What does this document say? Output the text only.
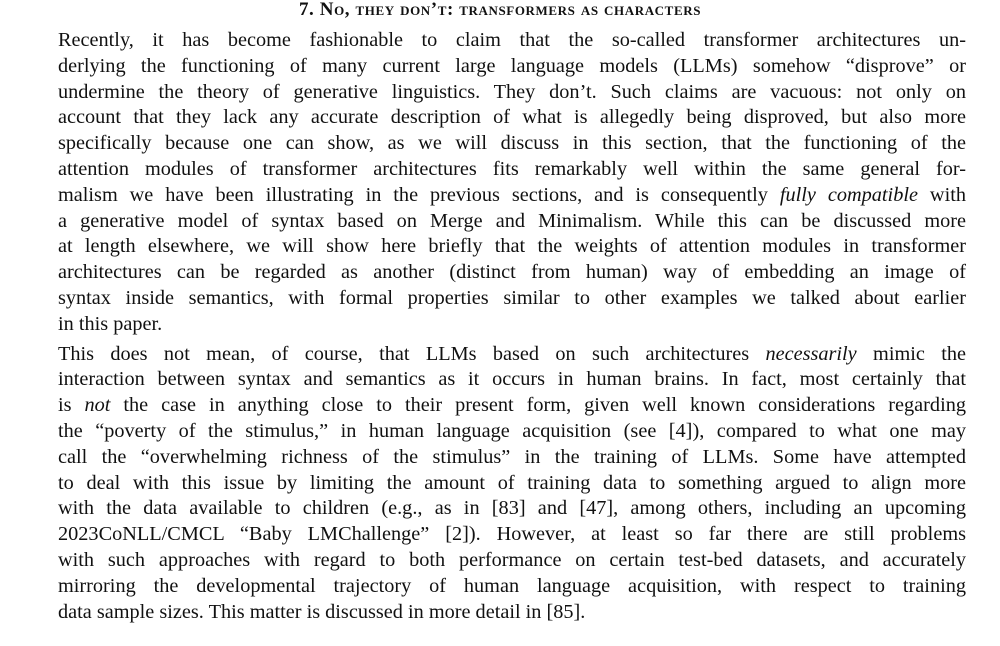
7. No, they don’t: transformers as characters

Recently, it has become fashionable to claim that the so-called transformer architectures un-
derlying the functioning of many current large language models (LLMs) somehow “disprove” or
undermine the theory of generative linguistics. They don’t. Such claims are vacuous: not only on
account that they lack any accurate description of what is allegedly being disproved, but also more
specifically because one can show, as we will discuss in this section, that the functioning of the
attention modules of transformer architectures fits remarkably well within the same general for-
malism we have been illustrating in the previous sections, and is consequently fully compatible with
a generative model of syntax based on Merge and Minimalism. While this can be discussed more
at length elsewhere, we will show here briefly that the weights of attention modules in transformer
architectures can be regarded as another (distinct from human) way of embedding an image of
syntax inside semantics, with formal properties similar to other examples we talked about earlier
in this paper.

This does not mean, of course, that LLMs based on such architectures necessarily mimic the
interaction between syntax and semantics as it occurs in human brains. In fact, most certainly that
is not the case in anything close to their present form, given well known considerations regarding
the “poverty of the stimulus,” in human language acquisition (see [4]), compared to what one may
call the “overwhelming richness of the stimulus” in the training of LLMs. Some have attempted
to deal with this issue by limiting the amount of training data to something argued to align more
with the data available to children (e.g., as in [83] and [47], among others, including an upcoming
2023CoNLL/CMCL “Baby LMChallenge” [2]). However, at least so far there are still problems
with such approaches with regard to both performance on certain test-bed datasets, and accurately
mirroring the developmental trajectory of human language acquisition, with respect to training
data sample sizes. This matter is discussed in more detail in [85].
